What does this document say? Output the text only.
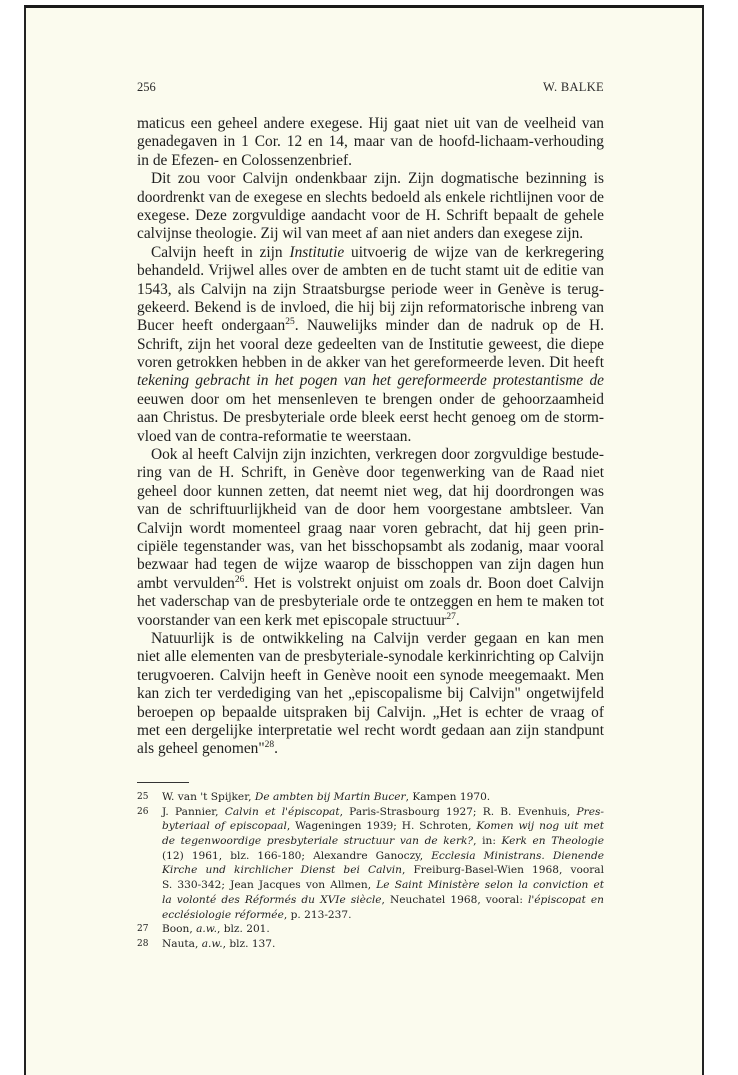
256	W. BALKE
maticus een geheel andere exegese. Hij gaat niet uit van de veelheid van
genadegaven in 1 Cor. 12 en 14, maar van de hoofd-lichaam-verhouding
in de Efezen- en Colossenzenbrief.
Dit zou voor Calvijn ondenkbaar zijn. Zijn dogmatische bezinning is
doordrenkt van de exegese en slechts bedoeld als enkele richtlijnen voor de
exegese. Deze zorgvuldige aandacht voor de H. Schrift bepaalt de gehele
calvijnse theologie. Zij wil van meet af aan niet anders dan exegese zijn.
Calvijn heeft in zijn Institutie uitvoerig de wijze van de kerkregering
behandeld. Vrijwel alles over de ambten en de tucht stamt uit de editie van
1543, als Calvijn na zijn Straatsburgse periode weer in Genève is terug-
gekeerd. Bekend is de invloed, die hij bij zijn reformatorische inbreng van
Bucer heeft ondergaan$^{25}$. Nauwelijks minder dan de nadruk op de H.
Schrift, zijn het vooral deze gedeelten van de Institutie geweest, die diepe
voren getrokken hebben in de akker van het gereformeerde leven. Dit heeft
tekening gebracht in het pogen van het gereformeerde protestantisme de
eeuwen door om het mensenleven te brengen onder de gehoorzaamheid
aan Christus. De presbyteriale orde bleek eerst hecht genoeg om de storm-
vloed van de contra-reformatie te weerstaan.
Ook al heeft Calvijn zijn inzichten, verkregen door zorgvuldige bestude-
ring van de H. Schrift, in Genève door tegenwerking van de Raad niet
geheel door kunnen zetten, dat neemt niet weg, dat hij doordrongen was
van de schriftuurlijkheid van de door hem voorgestane ambtsleer. Van
Calvijn wordt momenteel graag naar voren gebracht, dat hij geen prin-
cipiële tegenstander was, van het bisschopsambt als zodanig, maar vooral
bezwaar had tegen de wijze waarop de bisschoppen van zijn dagen hun
ambt vervulden$^{26}$. Het is volstrekt onjuist om zoals dr. Boon doet Calvijn
het vaderschap van de presbyteriale orde te ontzeggen en hem te maken tot
voorstander van een kerk met episcopale structuur$^{27}$.
Natuurlijk is de ontwikkeling na Calvijn verder gegaan en kan men
niet alle elementen van de presbyteriale-synodale kerkinrichting op Calvijn
terugvoeren. Calvijn heeft in Genève nooit een synode meegemaakt. Men
kan zich ter verdediging van het „episcopalisme bij Calvijn" ongetwijfeld
beroepen op bepaalde uitspraken bij Calvijn. „Het is echter de vraag of
met een dergelijke interpretatie wel recht wordt gedaan aan zijn standpunt
als geheel genomen"$^{28}$.
25 W. van 't Spijker, De ambten bij Martin Bucer, Kampen 1970.
26 J. Pannier, Calvin et l'épiscopat, Paris-Strasbourg 1927; R. B. Evenhuis, Pres-
byteriaal of episcopaal, Wageningen 1939; H. Schroten, Komen wij nog uit met
de tegenwoordige presbyteriale structuur van de kerk?, in: Kerk en Theologie
(12) 1961, blz. 166-180; Alexandre Ganoczy, Ecclesia Ministrans. Dienende
Kirche und kirchlicher Dienst bei Calvin, Freiburg-Basel-Wien 1968, vooral
S. 330-342; Jean Jacques von Allmen, Le Saint Ministère selon la conviction et
la volonté des Réformés du XVIe siècle, Neuchatel 1968, vooral: l'épiscopat en
ecclésiologie réformée, p. 213-237.
27 Boon, a.w., blz. 201.
28 Nauta, a.w., blz. 137.
